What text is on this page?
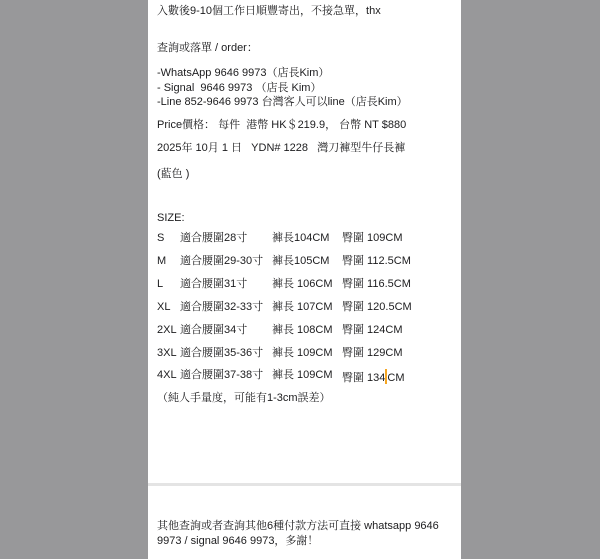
入數後9-10個工作日順豐寄出，不接急單，thx
查詢或落單 / order：
-WhatsApp 9646 9973（店長Kim）
- Signal  9646 9973 （店長 Kim）
-Line 852-9646 9973 台灣客人可以line（店長Kim）
Price價格： 每件  港幣 HK＄219.9， 台幣 NT $880
2025年 10月 1 日   YDN# 1228   灣刀褲型牛仔長褲
(藍色 )
SIZE:
S 適合腰圍28寸 褲長104CM 臀圍 109CM
M 適合腰圍29-30寸 褲長105CM 臀圍 112.5CM
L 適合腰圍31寸 褲長 106CM 臀圍 116.5CM
XL 適合腰圍32-33寸 褲長 107CM 臀圍 120.5CM
2XL 適合腰圍34寸 褲長 108CM 臀圍 124CM
3XL 適合腰圍35-36寸 褲長 109CM 臀圍 129CM
4XL 適合腰圍37-38寸 褲長 109CM 臀圍 134 CM
（純人手量度，可能有1-3cm誤差）
其他查詢或者查詢其他6種付款方法可直接 whatsapp 9646 9973 / signal 9646 9973，多謝！
